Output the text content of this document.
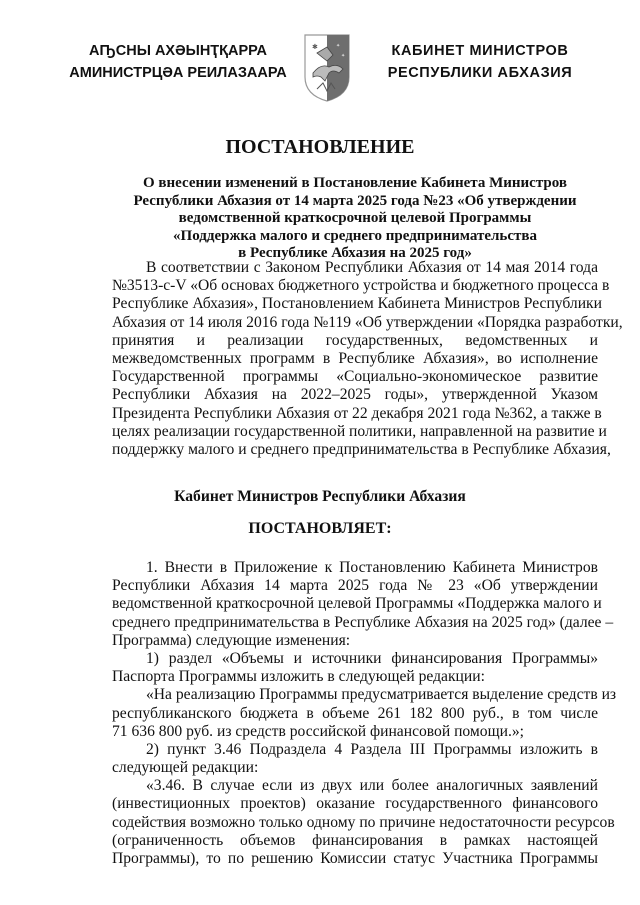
АҦСНЫ АХӘЫНҬҚАРРА
АМИНИСТРЦӘА РЕИЛАЗААРА
✱	✦
✦	КАБИНЕТ МИНИСТРОВ
РЕСПУБЛИКИ АБХАЗИЯ
ПОСТАНОВЛЕНИЕ
О внесении изменений в Постановление Кабинета Министров
Республики Абхазия от 14 марта 2025 года №23 «Об утверждении
ведомственной краткосрочной целевой Программы
«Поддержка малого и среднего предпринимательства
в Республике Абхазия на 2025 год»
В соответствии с Законом Республики Абхазия от 14 мая 2014 года
№3513-с-V «Об основах бюджетного устройства и бюджетного процесса в
Республике Абхазия», Постановлением Кабинета Министров Республики
Абхазия от 14 июля 2016 года №119 «Об утверждении «Порядка разработки,
принятия и реализации государственных, ведомственных и
межведомственных программ в Республике Абхазия», во исполнение
Государственной программы «Социально-экономическое развитие
Республики Абхазия на 2022–2025 годы», утвержденной Указом
Президента Республики Абхазия от 22 декабря 2021 года №362, а также в
целях реализации государственной политики, направленной на развитие и
поддержку малого и среднего предпринимательства в Республике Абхазия,
Кабинет Министров Республики Абхазия
ПОСТАНОВЛЯЕТ:
1. Внести в Приложение к Постановлению Кабинета Министров
Республики Абхазия 14 марта 2025 года № 23 «Об утверждении
ведомственной краткосрочной целевой Программы «Поддержка малого и
среднего предпринимательства в Республике Абхазия на 2025 год» (далее –
Программа) следующие изменения:
1) раздел «Объемы и источники финансирования Программы»
Паспорта Программы изложить в следующей редакции:
«На реализацию Программы предусматривается выделение средств из
республиканского бюджета в объеме 261 182 800 руб., в том числе
71 636 800 руб. из средств российской финансовой помощи.»;
2) пункт 3.46 Подраздела 4 Раздела III Программы изложить в
следующей редакции:
«3.46. В случае если из двух или более аналогичных заявлений
(инвестиционных проектов) оказание государственного финансового
содействия возможно только одному по причине недостаточности ресурсов
(ограниченность объемов финансирования в рамках настоящей
Программы), то по решению Комиссии статус Участника Программы
